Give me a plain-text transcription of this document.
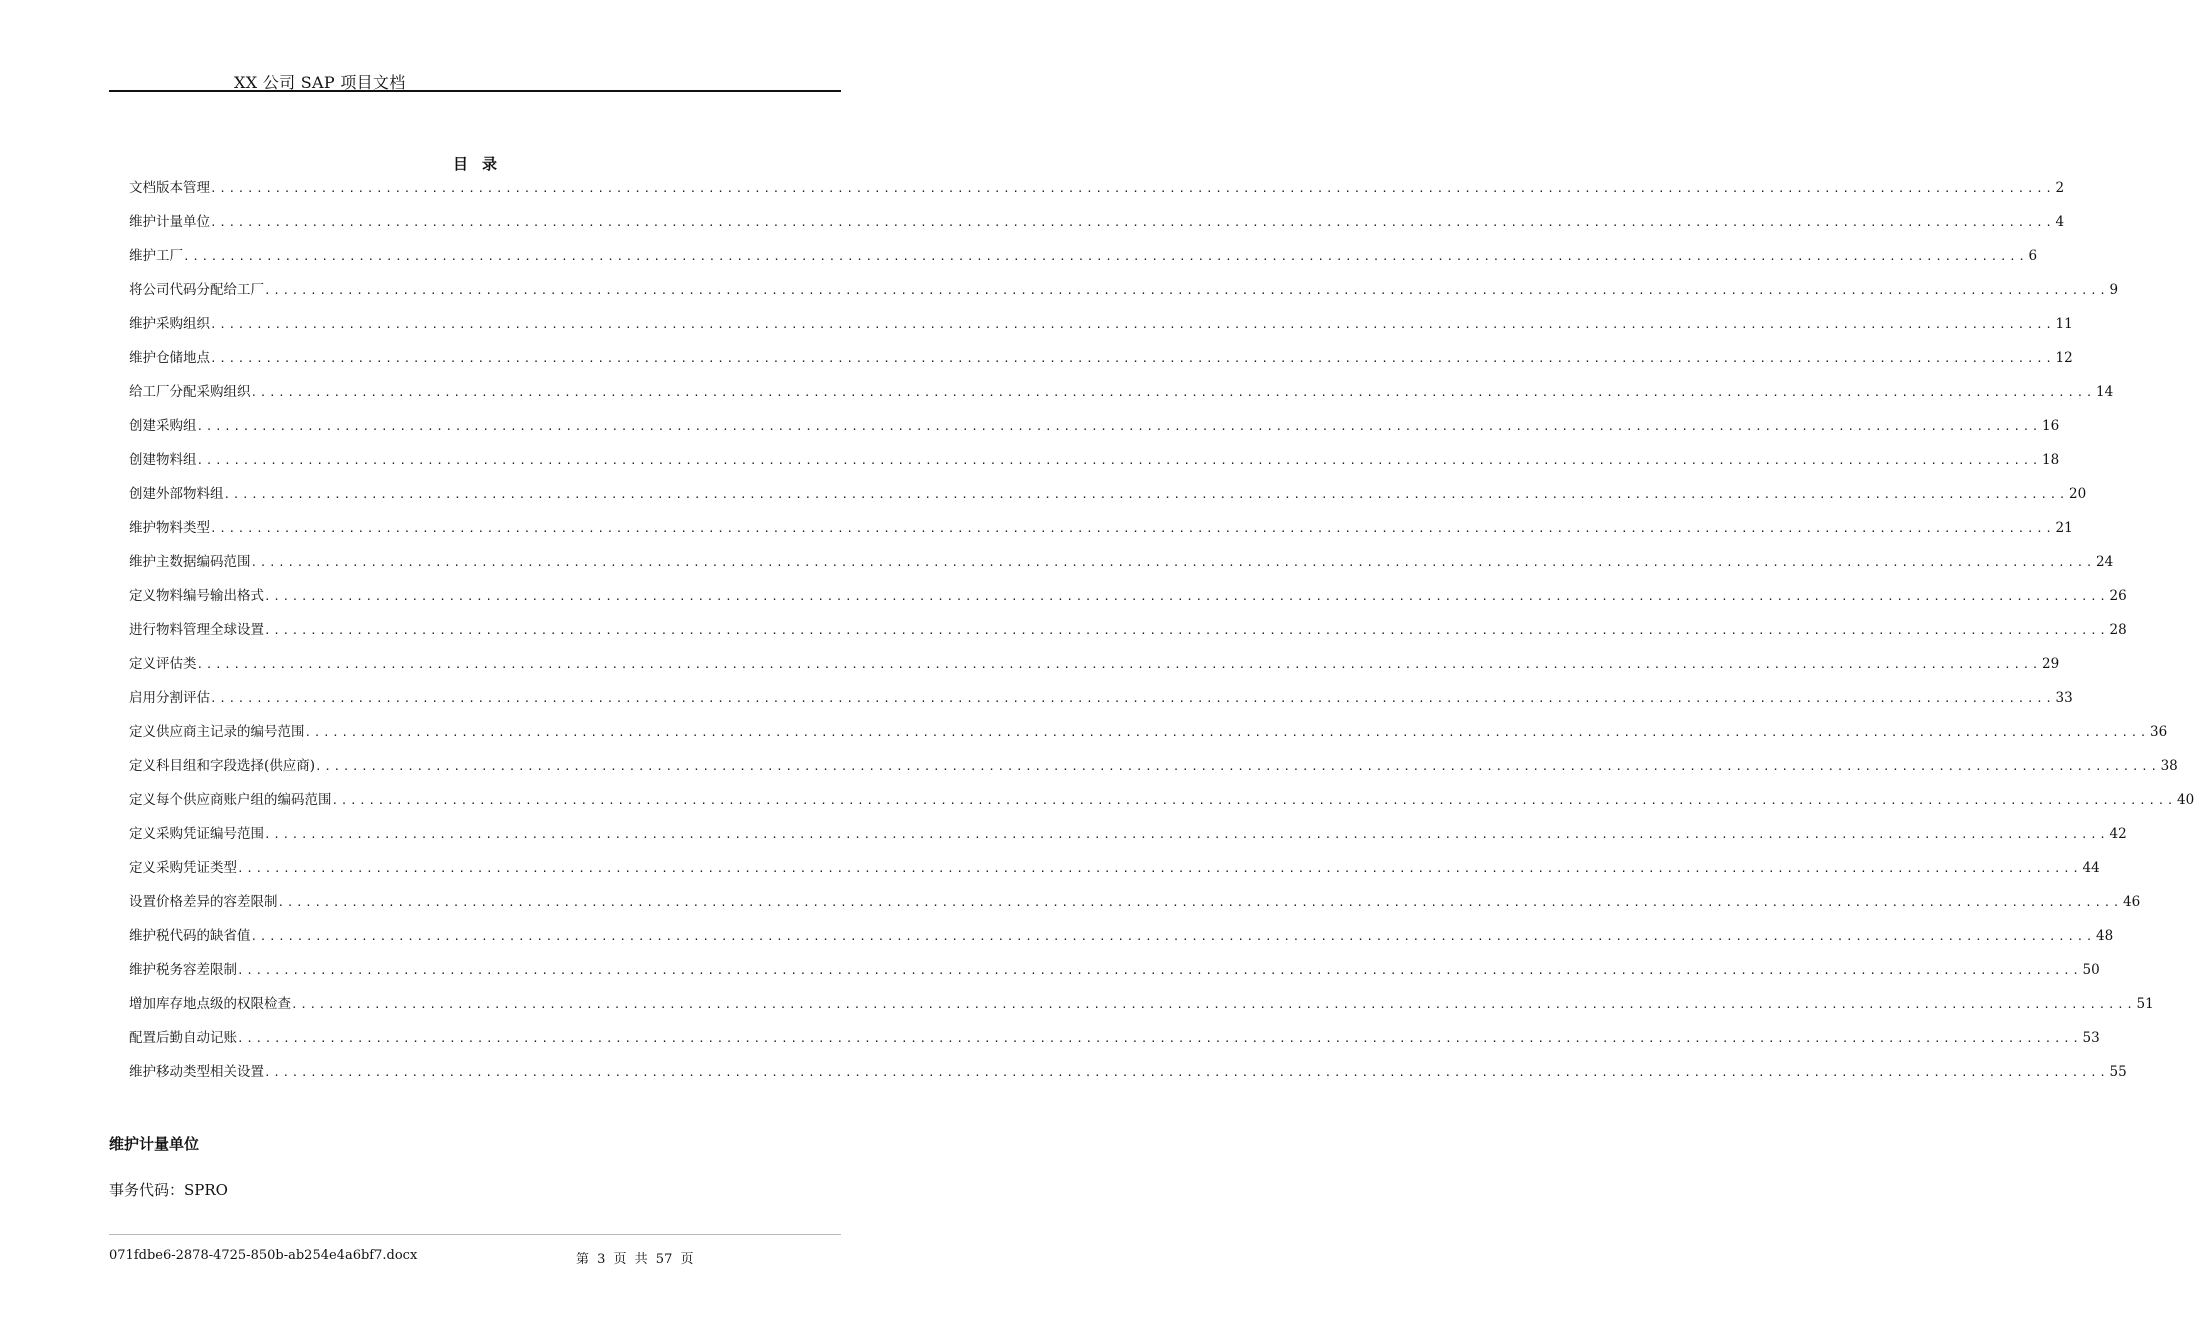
XX 公司 SAP 项目文档
目录
文档版本管理 ........................................................................................................................................................................................................ 2
维护计量单位 ........................................................................................................................................................................................................ 4
维护工厂 ........................................................................................................................................................................................................ 6
将公司代码分配给工厂 ........................................................................................................................................................................................................ 9
维护采购组织 ........................................................................................................................................................................................................ 11
维护仓储地点 ........................................................................................................................................................................................................ 12
给工厂分配采购组织 ........................................................................................................................................................................................................ 14
创建采购组 ........................................................................................................................................................................................................ 16
创建物料组 ........................................................................................................................................................................................................ 18
创建外部物料组 ........................................................................................................................................................................................................ 20
维护物料类型 ........................................................................................................................................................................................................ 21
维护主数据编码范围 ........................................................................................................................................................................................................ 24
定义物料编号输出格式 ........................................................................................................................................................................................................ 26
进行物料管理全球设置 ........................................................................................................................................................................................................ 28
定义评估类 ........................................................................................................................................................................................................ 29
启用分割评估 ........................................................................................................................................................................................................ 33
定义供应商主记录的编号范围 ........................................................................................................................................................................................................ 36
定义科目组和字段选择(供应商) ........................................................................................................................................................................................................ 38
定义每个供应商账户组的编码范围 ........................................................................................................................................................................................................ 40
定义采购凭证编号范围 ........................................................................................................................................................................................................ 42
定义采购凭证类型 ........................................................................................................................................................................................................ 44
设置价格差异的容差限制 ........................................................................................................................................................................................................ 46
维护税代码的缺省值 ........................................................................................................................................................................................................ 48
维护税务容差限制 ........................................................................................................................................................................................................ 50
增加库存地点级的权限检查 ........................................................................................................................................................................................................ 51
配置后勤自动记账 ........................................................................................................................................................................................................ 53
维护移动类型相关设置 ........................................................................................................................................................................................................ 55
维护计量单位
事务代码：SPRO
071fdbe6-2878-4725-850b-ab254e4a6bf7.docx	第 3 页 共 57 页
